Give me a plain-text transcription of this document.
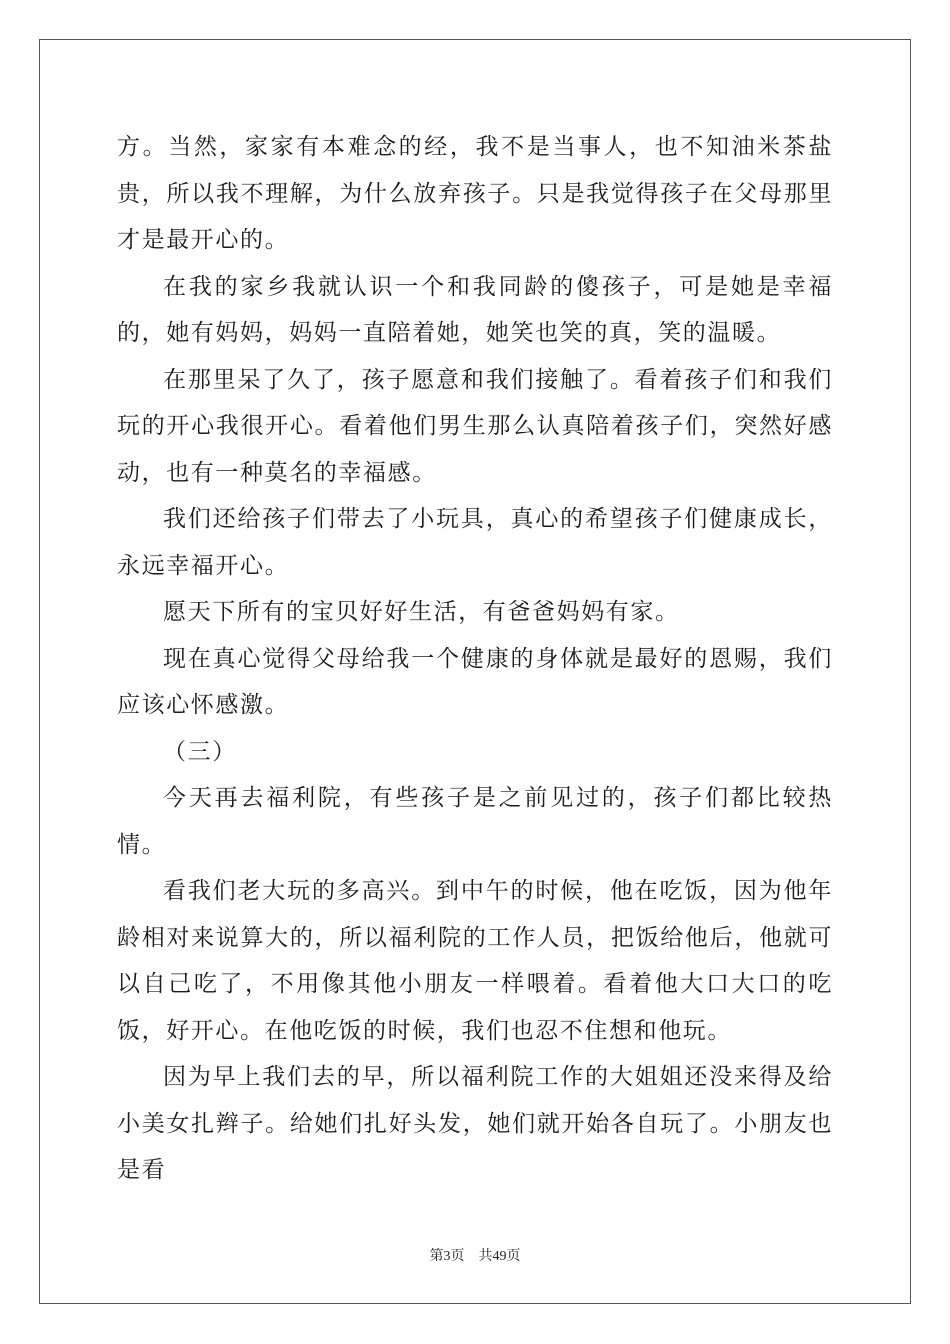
方。当然，家家有本难念的经，我不是当事人，也不知油米茶盐贵，所以我不理解，为什么放弃孩子。只是我觉得孩子在父母那里才是最开心的。

在我的家乡我就认识一个和我同龄的傻孩子，可是她是幸福的，她有妈妈，妈妈一直陪着她，她笑也笑的真，笑的温暖。

在那里呆了久了，孩子愿意和我们接触了。看着孩子们和我们玩的开心我很开心。看着他们男生那么认真陪着孩子们，突然好感动，也有一种莫名的幸福感。

我们还给孩子们带去了小玩具，真心的希望孩子们健康成长，永远幸福开心。

愿天下所有的宝贝好好生活，有爸爸妈妈有家。

现在真心觉得父母给我一个健康的身体就是最好的恩赐，我们应该心怀感激。

（三）

今天再去福利院，有些孩子是之前见过的，孩子们都比较热情。

看我们老大玩的多高兴。到中午的时候，他在吃饭，因为他年龄相对来说算大的，所以福利院的工作人员，把饭给他后，他就可以自己吃了，不用像其他小朋友一样喂着。看着他大口大口的吃饭，好开心。在他吃饭的时候，我们也忍不住想和他玩。

因为早上我们去的早，所以福利院工作的大姐姐还没来得及给小美女扎辫子。给她们扎好头发，她们就开始各自玩了。小朋友也是看

第3页 共49页
